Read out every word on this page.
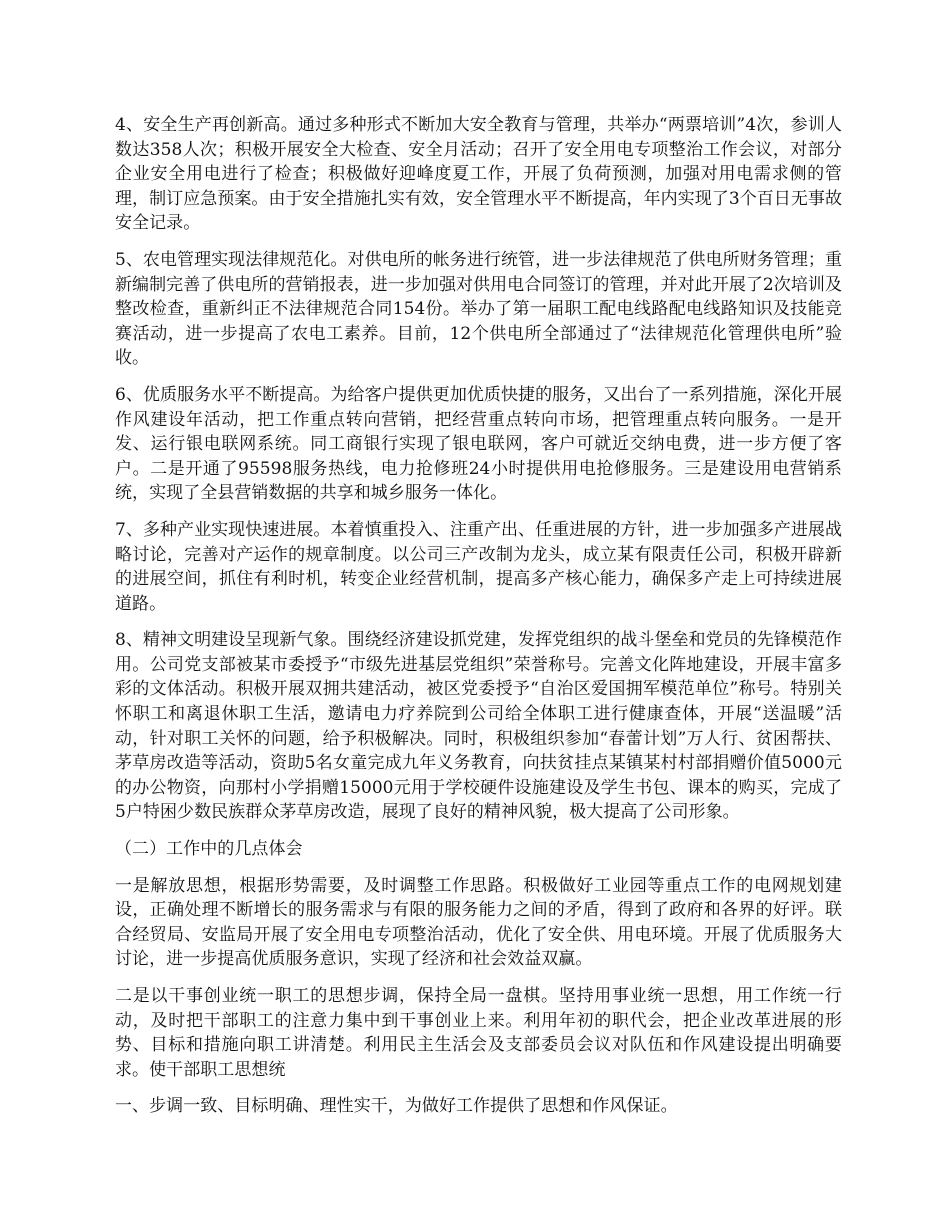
4、安全生产再创新高。通过多种形式不断加大安全教育与管理，共举办“两票培训”4次，参训人数达358人次；积极开展安全大检查、安全月活动；召开了安全用电专项整治工作会议，对部分企业安全用电进行了检查；积极做好迎峰度夏工作，开展了负荷预测，加强对用电需求侧的管理，制订应急预案。由于安全措施扎实有效，安全管理水平不断提高，年内实现了3个百日无事故安全记录。

5、农电管理实现法律规范化。对供电所的帐务进行统管，进一步法律规范了供电所财务管理；重新编制完善了供电所的营销报表，进一步加强对供用电合同签订的管理，并对此开展了2次培训及整改检查，重新纠正不法律规范合同154份。举办了第一届职工配电线路配电线路知识及技能竞赛活动，进一步提高了农电工素养。目前，12个供电所全部通过了“法律规范化管理供电所”验收。

6、优质服务水平不断提高。为给客户提供更加优质快捷的服务，又出台了一系列措施，深化开展作风建设年活动，把工作重点转向营销，把经营重点转向市场，把管理重点转向服务。一是开发、运行银电联网系统。同工商银行实现了银电联网，客户可就近交纳电费，进一步方便了客户。二是开通了95598服务热线，电力抢修班24小时提供用电抢修服务。三是建设用电营销系统，实现了全县营销数据的共享和城乡服务一体化。

7、多种产业实现快速进展。本着慎重投入、注重产出、任重进展的方针，进一步加强多产进展战略讨论，完善对产运作的规章制度。以公司三产改制为龙头，成立某有限责任公司，积极开辟新的进展空间，抓住有利时机，转变企业经营机制，提高多产核心能力，确保多产走上可持续进展道路。

8、精神文明建设呈现新气象。围绕经济建设抓党建，发挥党组织的战斗堡垒和党员的先锋模范作用。公司党支部被某市委授予“市级先进基层党组织”荣誉称号。完善文化阵地建设，开展丰富多彩的文体活动。积极开展双拥共建活动，被区党委授予“自治区爱国拥军模范单位”称号。特别关怀职工和离退休职工生活，邀请电力疗养院到公司给全体职工进行健康查体，开展“送温暖”活动，针对职工关怀的问题，给予积极解决。同时，积极组织参加“春蕾计划”万人行、贫困帮扶、茅草房改造等活动，资助5名女童完成九年义务教育，向扶贫挂点某镇某村村部捐赠价值5000元的办公物资，向那村小学捐赠15000元用于学校硬件设施建设及学生书包、课本的购买，完成了5户特困少数民族群众茅草房改造，展现了良好的精神风貌，极大提高了公司形象。

（二）工作中的几点体会

一是解放思想，根据形势需要，及时调整工作思路。积极做好工业园等重点工作的电网规划建设，正确处理不断增长的服务需求与有限的服务能力之间的矛盾，得到了政府和各界的好评。联合经贸局、安监局开展了安全用电专项整治活动，优化了安全供、用电环境。开展了优质服务大讨论，进一步提高优质服务意识，实现了经济和社会效益双赢。

二是以干事创业统一职工的思想步调，保持全局一盘棋。坚持用事业统一思想，用工作统一行动，及时把干部职工的注意力集中到干事创业上来。利用年初的职代会，把企业改革进展的形势、目标和措施向职工讲清楚。利用民主生活会及支部委员会议对队伍和作风建设提出明确要求。使干部职工思想统

一、步调一致、目标明确、理性实干，为做好工作提供了思想和作风保证。
